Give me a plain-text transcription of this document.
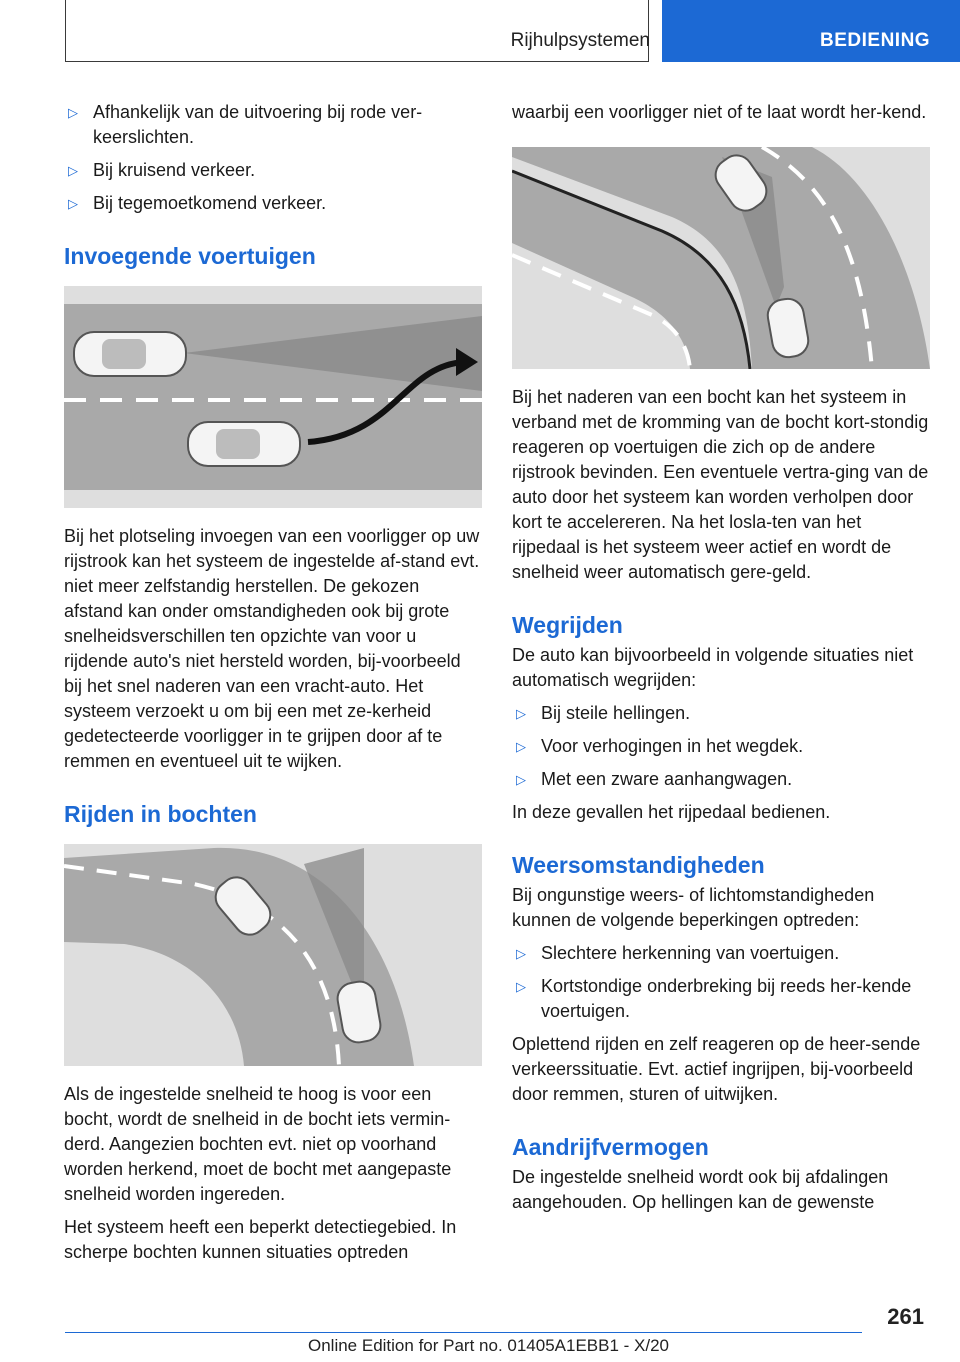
Rijhulpsystemen	BEDIENING
▷ Afhankelijk van de uitvoering bij rode ver-keerslichten.
▷ Bij kruisend verkeer.
▷ Bij tegemoetkomend verkeer.
Invoegende voertuigen

Bij het plotseling invoegen van een voorligger op uw rijstrook kan het systeem de ingestelde af-stand evt. niet meer zelfstandig herstellen. De gekozen afstand kan onder omstandigheden ook bij grote snelheidsverschillen ten opzichte van voor u rijdende auto's niet hersteld worden, bij-voorbeeld bij het snel naderen van een vracht-auto. Het systeem verzoekt u om bij een met ze-kerheid gedetecteerde voorligger in te grijpen door af te remmen en eventueel uit te wijken.

Rijden in bochten

Als de ingestelde snelheid te hoog is voor een bocht, wordt de snelheid in de bocht iets vermin-derd. Aangezien bochten evt. niet op voorhand worden herkend, moet de bocht met aangepaste snelheid worden ingereden.

Het systeem heeft een beperkt detectiegebied. In scherpe bochten kunnen situaties optreden

waarbij een voorligger niet of te laat wordt her-kend.

Bij het naderen van een bocht kan het systeem in verband met de kromming van de bocht kort-stondig reageren op voertuigen die zich op de andere rijstrook bevinden. Een eventuele vertra-ging van de auto door het systeem kan worden verholpen door kort te accelereren. Na het losla-ten van het rijpedaal is het systeem weer actief en wordt de snelheid weer automatisch gere-geld.

Wegrijden

De auto kan bijvoorbeeld in volgende situaties niet automatisch wegrijden:

▷ Bij steile hellingen.
▷ Voor verhogingen in het wegdek.
▷ Met een zware aanhangwagen.

In deze gevallen het rijpedaal bedienen.

Weersomstandigheden

Bij ongunstige weers- of lichtomstandigheden kunnen de volgende beperkingen optreden:

▷ Slechtere herkenning van voertuigen.
▷ Kortstondige onderbreking bij reeds her-kende voertuigen.

Oplettend rijden en zelf reageren op de heer-sende verkeerssituatie. Evt. actief ingrijpen, bij-voorbeeld door remmen, sturen of uitwijken.

Aandrijfvermogen

De ingestelde snelheid wordt ook bij afdalingen aangehouden. Op hellingen kan de gewenste

261
Online Edition for Part no. 01405A1EBB1 - X/20
